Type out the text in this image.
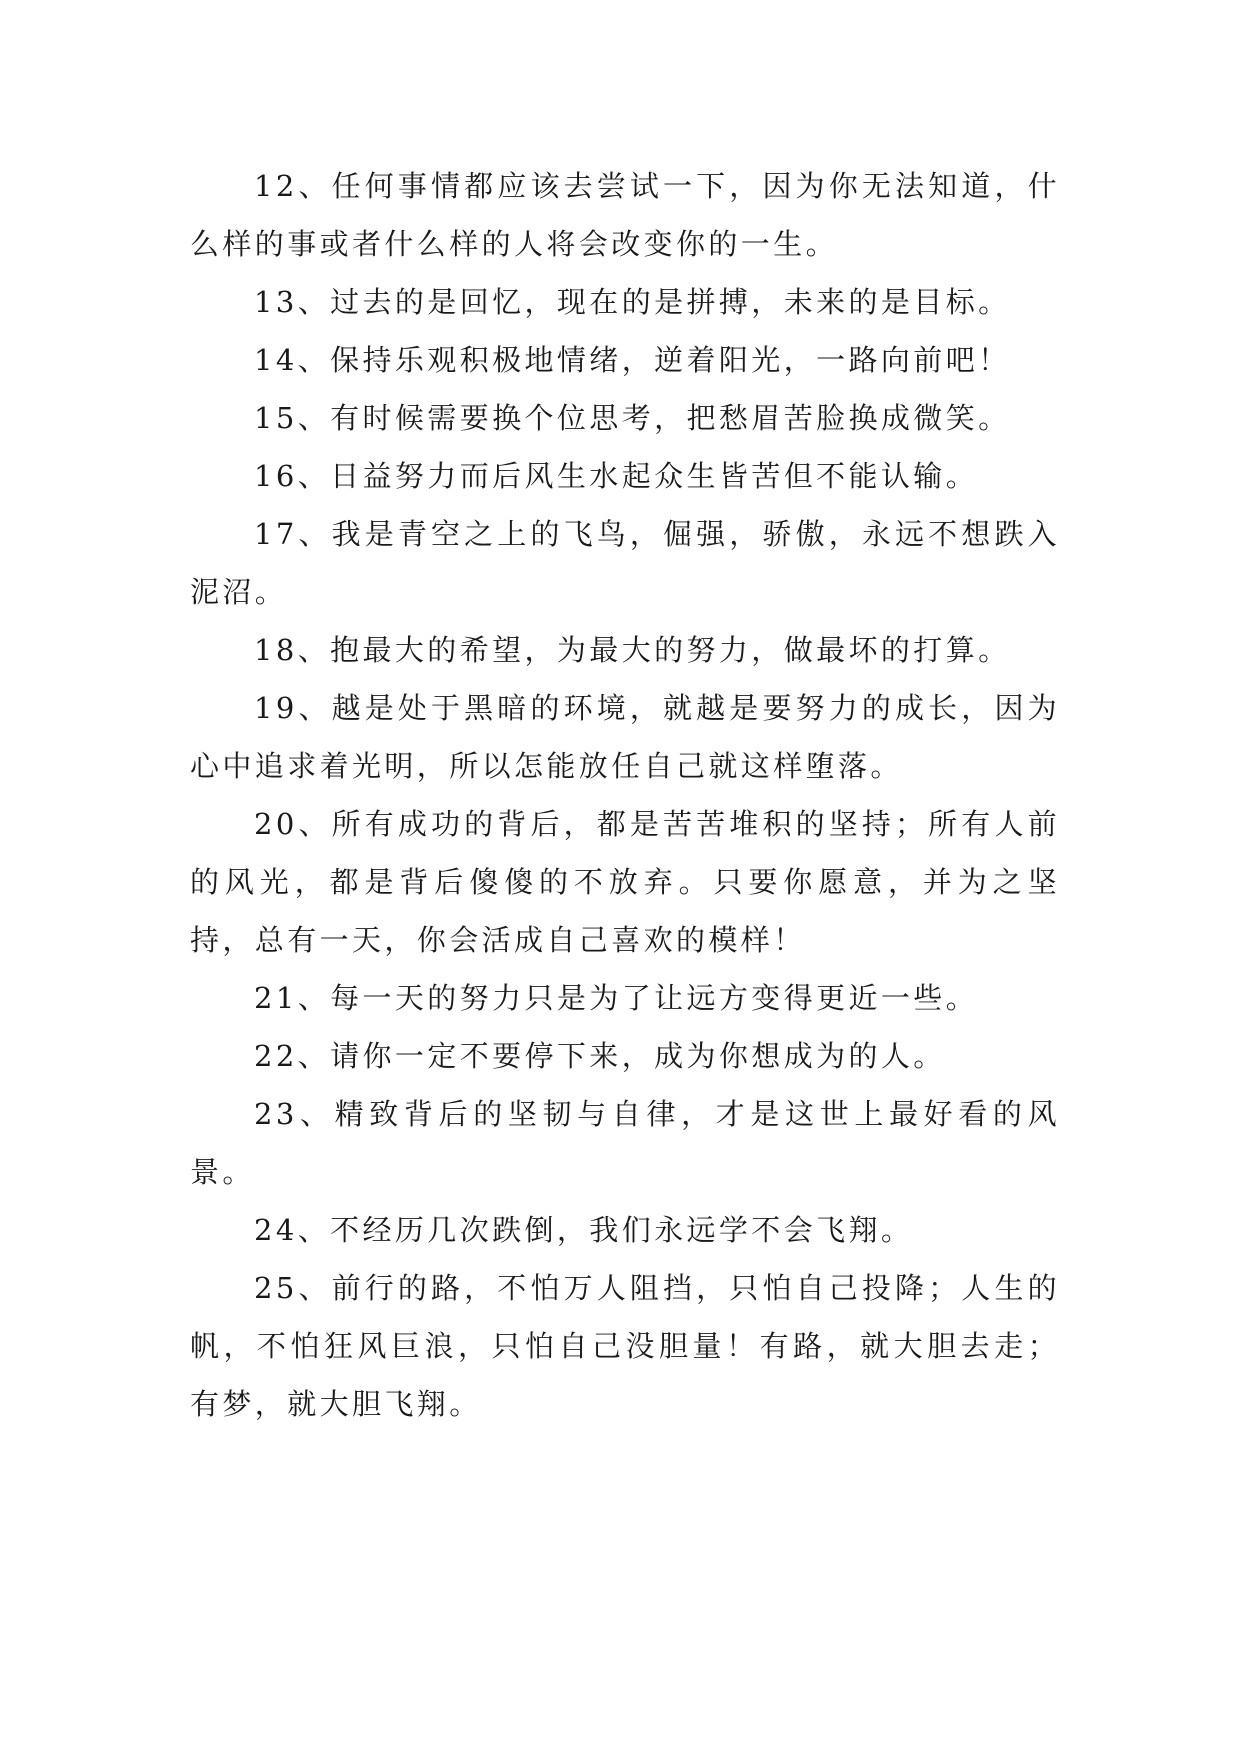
12、任何事情都应该去尝试一下，因为你无法知道，什么样的事或者什么样的人将会改变你的一生。

13、过去的是回忆，现在的是拼搏，未来的是目标。

14、保持乐观积极地情绪，逆着阳光，一路向前吧！

15、有时候需要换个位思考，把愁眉苦脸换成微笑。

16、日益努力而后风生水起众生皆苦但不能认输。

17、我是青空之上的飞鸟，倔强，骄傲，永远不想跌入泥沼。

18、抱最大的希望，为最大的努力，做最坏的打算。

19、越是处于黑暗的环境，就越是要努力的成长，因为心中追求着光明，所以怎能放任自己就这样堕落。

20、所有成功的背后，都是苦苦堆积的坚持；所有人前的风光，都是背后傻傻的不放弃。只要你愿意，并为之坚持，总有一天，你会活成自己喜欢的模样！

21、每一天的努力只是为了让远方变得更近一些。

22、请你一定不要停下来，成为你想成为的人。

23、精致背后的坚韧与自律，才是这世上最好看的风景。

24、不经历几次跌倒，我们永远学不会飞翔。

25、前行的路，不怕万人阻挡，只怕自己投降；人生的帆，不怕狂风巨浪，只怕自己没胆量！有路，就大胆去走；有梦，就大胆飞翔。
